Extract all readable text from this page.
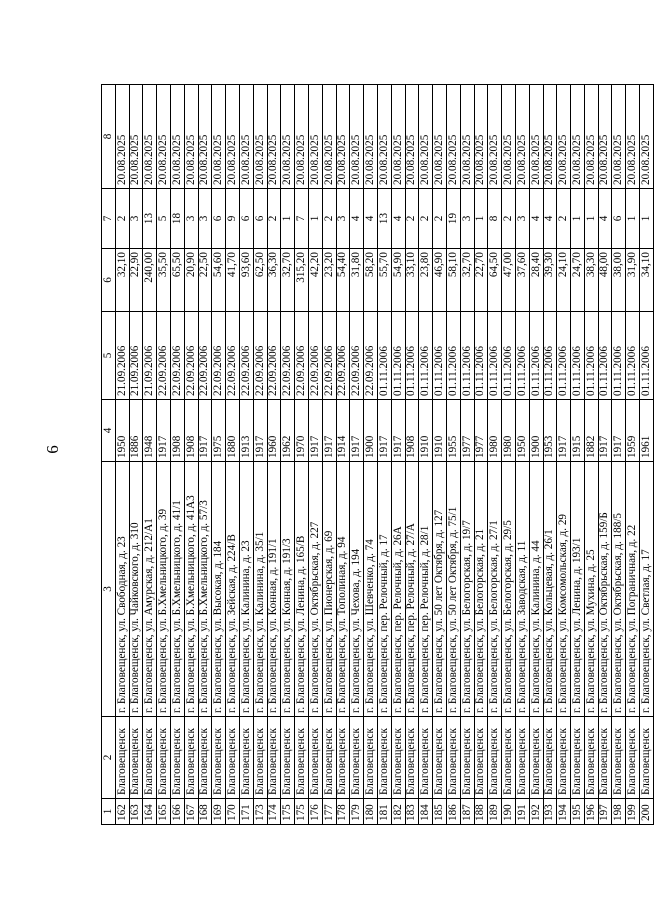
6
1	2	3	4	5	6	7	8
162	Благовещенск	г. Благовещенск, ул. Свободная, д. 23	1950	21.09.2006	32,10	2	20.08.2025
163	Благовещенск	г. Благовещенск, ул. Чайковского, д. 310	1886	21.09.2006	22,90	3	20.08.2025
164	Благовещенск	г. Благовещенск, ул. Амурская, д. 212/А1	1948	21.09.2006	240,00	13	20.08.2025
165	Благовещенск	г. Благовещенск, ул. Б.Хмельницкого, д. 39	1917	22.09.2006	35,50	5	20.08.2025
166	Благовещенск	г. Благовещенск, ул. Б.Хмельницкого, д. 41/1	1908	22.09.2006	65,50	18	20.08.2025
167	Благовещенск	г. Благовещенск, ул. Б.Хмельницкого, д. 41А3	1908	22.09.2006	20,90	3	20.08.2025
168	Благовещенск	г. Благовещенск, ул. Б.Хмельницкого, д. 57/3	1917	22.09.2006	22,50	3	20.08.2025
169	Благовещенск	г. Благовещенск, ул. Высокая, д. 184	1975	22.09.2006	54,60	6	20.08.2025
170	Благовещенск	г. Благовещенск, ул. Зейская, д. 224/В	1880	22.09.2006	41,70	9	20.08.2025
171	Благовещенск	г. Благовещенск, ул. Калинина, д. 23	1913	22.09.2006	93,60	6	20.08.2025
173	Благовещенск	г. Благовещенск, ул. Калинина, д. 35/1	1917	22.09.2006	62,50	6	20.08.2025
174	Благовещенск	г. Благовещенск, ул. Конная, д. 191/1	1960	22.09.2006	36,30	2	20.08.2025
175	Благовещенск	г. Благовещенск, ул. Конная, д. 191/3	1962	22.09.2006	32,70	1	20.08.2025
175	Благовещенск	г. Благовещенск, ул. Ленина, д. 165/В	1970	22.09.2006	315,20	7	20.08.2025
176	Благовещенск	г. Благовещенск, ул. Октябрьская, д. 227	1917	22.09.2006	42,20	1	20.08.2025
177	Благовещенск	г. Благовещенск, ул. Пионерская, д. 69	1917	22.09.2006	23,20	2	20.08.2025
178	Благовещенск	г. Благовещенск, ул. Тополиная, д. 94	1914	22.09.2006	54,40	3	20.08.2025
179	Благовещенск	г. Благовещенск, ул. Чехова, д. 194	1917	22.09.2006	31,80	4	20.08.2025
180	Благовещенск	г. Благовещенск, ул. Шевченко, д. 74	1900	22.09.2006	58,20	4	20.08.2025
181	Благовещенск	г. Благовещенск, пер. Релочный, д. 17	1917	01.11.2006	55,70	13	20.08.2025
182	Благовещенск	г. Благовещенск, пер. Релочный, д. 26А	1917	01.11.2006	54,90	4	20.08.2025
183	Благовещенск	г. Благовещенск, пер. Релочный, д. 27/А	1908	01.11.2006	33,10	2	20.08.2025
184	Благовещенск	г. Благовещенск, пер. Релочный, д. 28/1	1910	01.11.2006	23,80	2	20.08.2025
185	Благовещенск	г. Благовещенск, ул. 50 лет Октября, д. 127	1910	01.11.2006	46,90	2	20.08.2025
186	Благовещенск	г. Благовещенск, ул. 50 лет Октября, д. 75/1	1955	01.11.2006	58,10	19	20.08.2025
187	Благовещенск	г. Благовещенск, ул. Белогорская, д. 19/7	1977	01.11.2006	32,70	3	20.08.2025
188	Благовещенск	г. Благовещенск, ул. Белогорская, д. 21	1977	01.11.2006	22,70	1	20.08.2025
189	Благовещенск	г. Благовещенск, ул. Белогорская, д. 27/1	1980	01.11.2006	64,50	8	20.08.2025
190	Благовещенск	г. Благовещенск, ул. Белогорская, д. 29/5	1980	01.11.2006	47,00	2	20.08.2025
191	Благовещенск	г. Благовещенск, ул. Заводская, д. 11	1950	01.11.2006	37,60	3	20.08.2025
192	Благовещенск	г. Благовещенск, ул. Калинина, д. 44	1900	01.11.2006	28,40	4	20.08.2025
193	Благовещенск	г. Благовещенск, ул. Кольцевая, д. 26/1	1953	01.11.2006	39,30	4	20.08.2025
194	Благовещенск	г. Благовещенск, ул. Комсомольская, д. 29	1917	01.11.2006	24,10	2	20.08.2025
195	Благовещенск	г. Благовещенск, ул. Ленина, д. 193/1	1915	01.11.2006	24,70	1	20.08.2025
196	Благовещенск	г. Благовещенск, ул. Мухина, д. 25	1882	01.11.2006	38,30	1	20.08.2025
197	Благовещенск	г. Благовещенск, ул. Октябрьская, д. 159/Б	1917	01.11.2006	48,00	4	20.08.2025
198	Благовещенск	г. Благовещенск, ул. Октябрьская, д. 188/5	1917	01.11.2006	38,00	6	20.08.2025
199	Благовещенск	г. Благовещенск, ул. Пограничная, д. 22	1959	01.11.2006	31,90	1	20.08.2025
200	Благовещенск	г. Благовещенск, ул. Светлая, д. 17	1961	01.11.2006	34,10	1	20.08.2025
